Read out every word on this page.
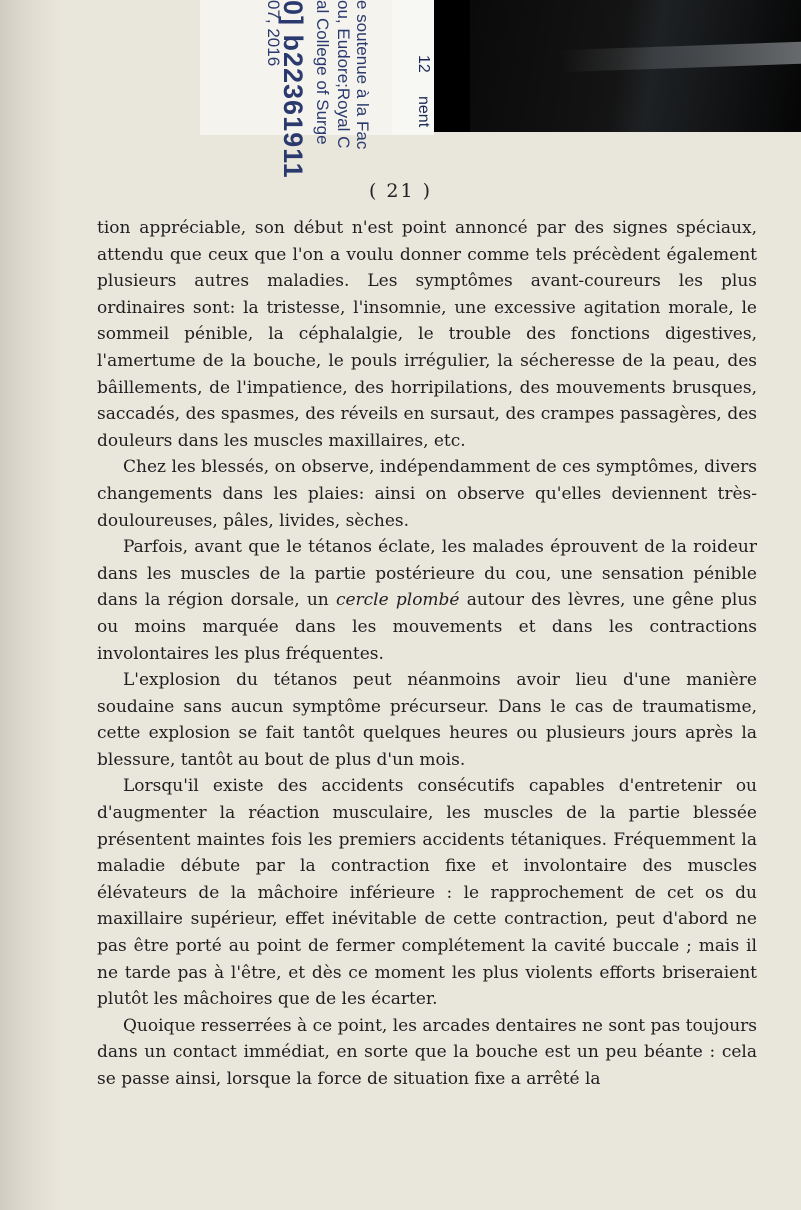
07, 2016
0] b22361911 al College of Surge ou, Eudore;Royal C e soutenue à la Fac	nent
12
( 21 )

tion appréciable, son début n'est point annoncé par des signes spéciaux, attendu que ceux que l'on a voulu donner comme tels précèdent également plusieurs autres maladies. Les symptômes avant-coureurs les plus ordinaires sont: la tristesse, l'insomnie, une excessive agitation morale, le sommeil pénible, la céphalalgie, le trouble des fonctions digestives, l'amertume de la bouche, le pouls irrégulier, la sécheresse de la peau, des bâillements, de l'impatience, des horripilations, des mouvements brusques, saccadés, des spasmes, des réveils en sursaut, des crampes passagères, des douleurs dans les muscles maxillaires, etc.

Chez les blessés, on observe, indépendamment de ces symptômes, divers changements dans les plaies: ainsi on observe qu'elles deviennent très-douloureuses, pâles, livides, sèches.

Parfois, avant que le tétanos éclate, les malades éprouvent de la roideur dans les muscles de la partie postérieure du cou, une sensation pénible dans la région dorsale, un cercle plombé autour des lèvres, une gêne plus ou moins marquée dans les mouvements et dans les contractions involontaires les plus fréquentes.

L'explosion du tétanos peut néanmoins avoir lieu d'une manière soudaine sans aucun symptôme précurseur. Dans le cas de traumatisme, cette explosion se fait tantôt quelques heures ou plusieurs jours après la blessure, tantôt au bout de plus d'un mois.

Lorsqu'il existe des accidents consécutifs capables d'entretenir ou d'augmenter la réaction musculaire, les muscles de la partie blessée présentent maintes fois les premiers accidents tétaniques. Fréquemment la maladie débute par la contraction fixe et involontaire des muscles élévateurs de la mâchoire inférieure : le rapprochement de cet os du maxillaire supérieur, effet inévitable de cette contraction, peut d'abord ne pas être porté au point de fermer complétement la cavité buccale ; mais il ne tarde pas à l'être, et dès ce moment les plus violents efforts briseraient plutôt les mâchoires que de les écarter.

Quoique resserrées à ce point, les arcades dentaires ne sont pas toujours dans un contact immédiat, en sorte que la bouche est un peu béante : cela se passe ainsi, lorsque la force de situation fixe a arrêté la
